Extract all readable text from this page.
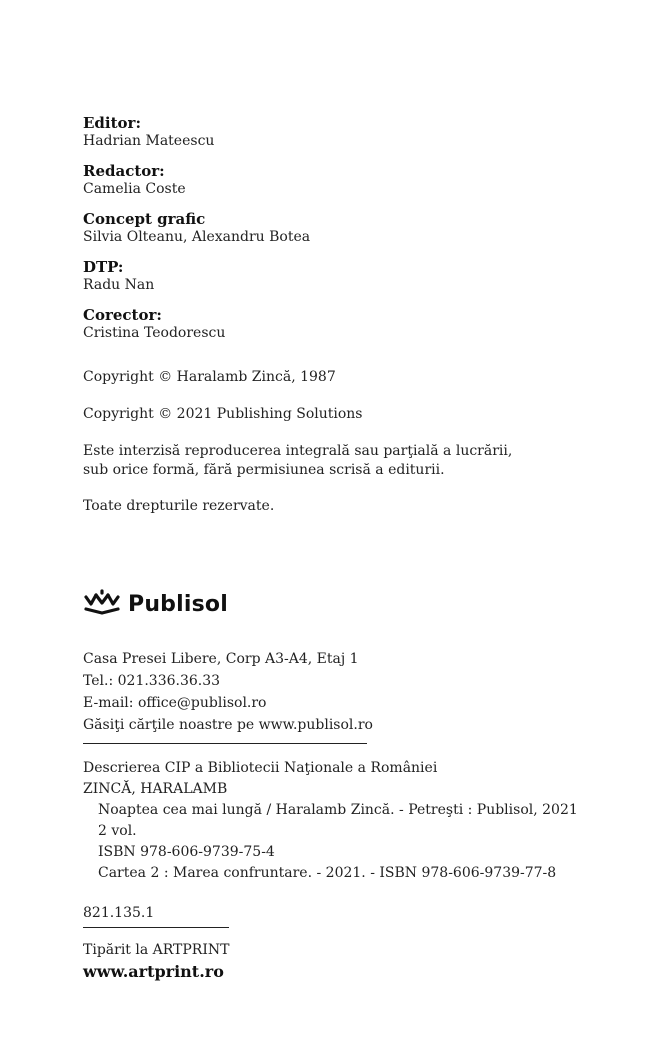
Editor:
Hadrian Mateescu
Redactor:
Camelia Coste
Concept grafic
Silvia Olteanu, Alexandru Botea
DTP:
Radu Nan
Corector:
Cristina Teodorescu
Copyright © Haralamb Zincă, 1987
Copyright © 2021 Publishing Solutions
Este interzisă reproducerea integrală sau parţială a lucrării, sub orice formă, fără permisiunea scrisă a editurii.
Toate drepturile rezervate.
Publisol
Casa Presei Libere, Corp A3-A4, Etaj 1
Tel.: 021.336.36.33
E-mail: office@publisol.ro
Găsiţi cărţile noastre pe www.publisol.ro
Descrierea CIP a Bibliotecii Naţionale a României
ZINCĂ, HARALAMB
Noaptea cea mai lungă / Haralamb Zincă. - Petreşti : Publisol, 2021
2 vol.
ISBN 978-606-9739-75-4
Cartea 2 : Marea confruntare. - 2021. - ISBN 978-606-9739-77-8
821.135.1
Tipărit la ARTPRINT
www.artprint.ro
